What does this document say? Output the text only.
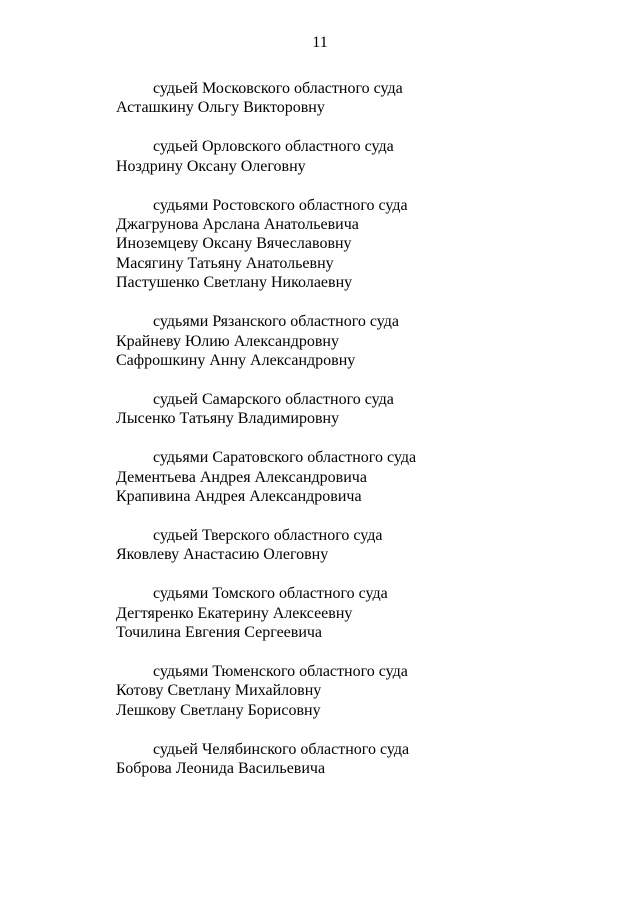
11
судьей Московского областного суда
Асташкину Ольгу Викторовну
судьей Орловского областного суда
Ноздрину Оксану Олеговну
судьями Ростовского областного суда
Джагрунова Арслана Анатольевича
Иноземцеву Оксану Вячеславовну
Масягину Татьяну Анатольевну
Пастушенко Светлану Николаевну
судьями Рязанского областного суда
Крайневу Юлию Александровну
Сафрошкину Анну Александровну
судьей Самарского областного суда
Лысенко Татьяну Владимировну
судьями Саратовского областного суда
Дементьева Андрея Александровича
Крапивина Андрея Александровича
судьей Тверского областного суда
Яковлеву Анастасию Олеговну
судьями Томского областного суда
Дегтяренко Екатерину Алексеевну
Точилина Евгения Сергеевича
судьями Тюменского областного суда
Котову Светлану Михайловну
Лешкову Светлану Борисовну
судьей Челябинского областного суда
Боброва Леонида Васильевича
